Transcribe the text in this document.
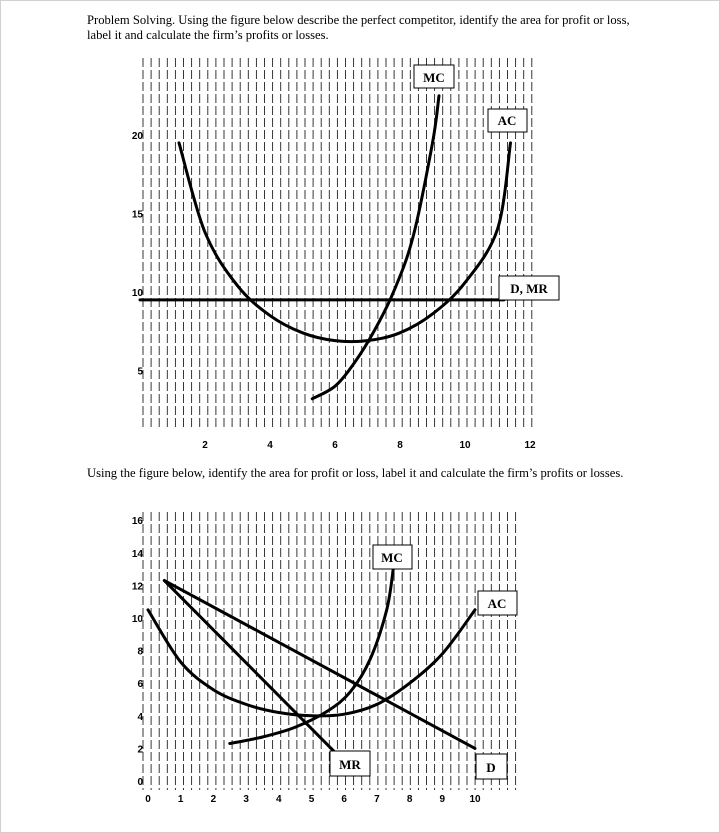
Problem Solving. Using the figure below describe the perfect competitor, identify the area for profit or loss, label it and calculate the firm’s profits or losses.

Using the figure below, identify the area for profit or loss, label it and calculate the firm’s profits or losses.

2	4	6	8	10	12
5
10
15
20
MC
AC
D, MR
0	1	2	3	4	5	6	7	8	9 10
0
2
4
6
8
10
12
14
16
MC
AC
MR	D
